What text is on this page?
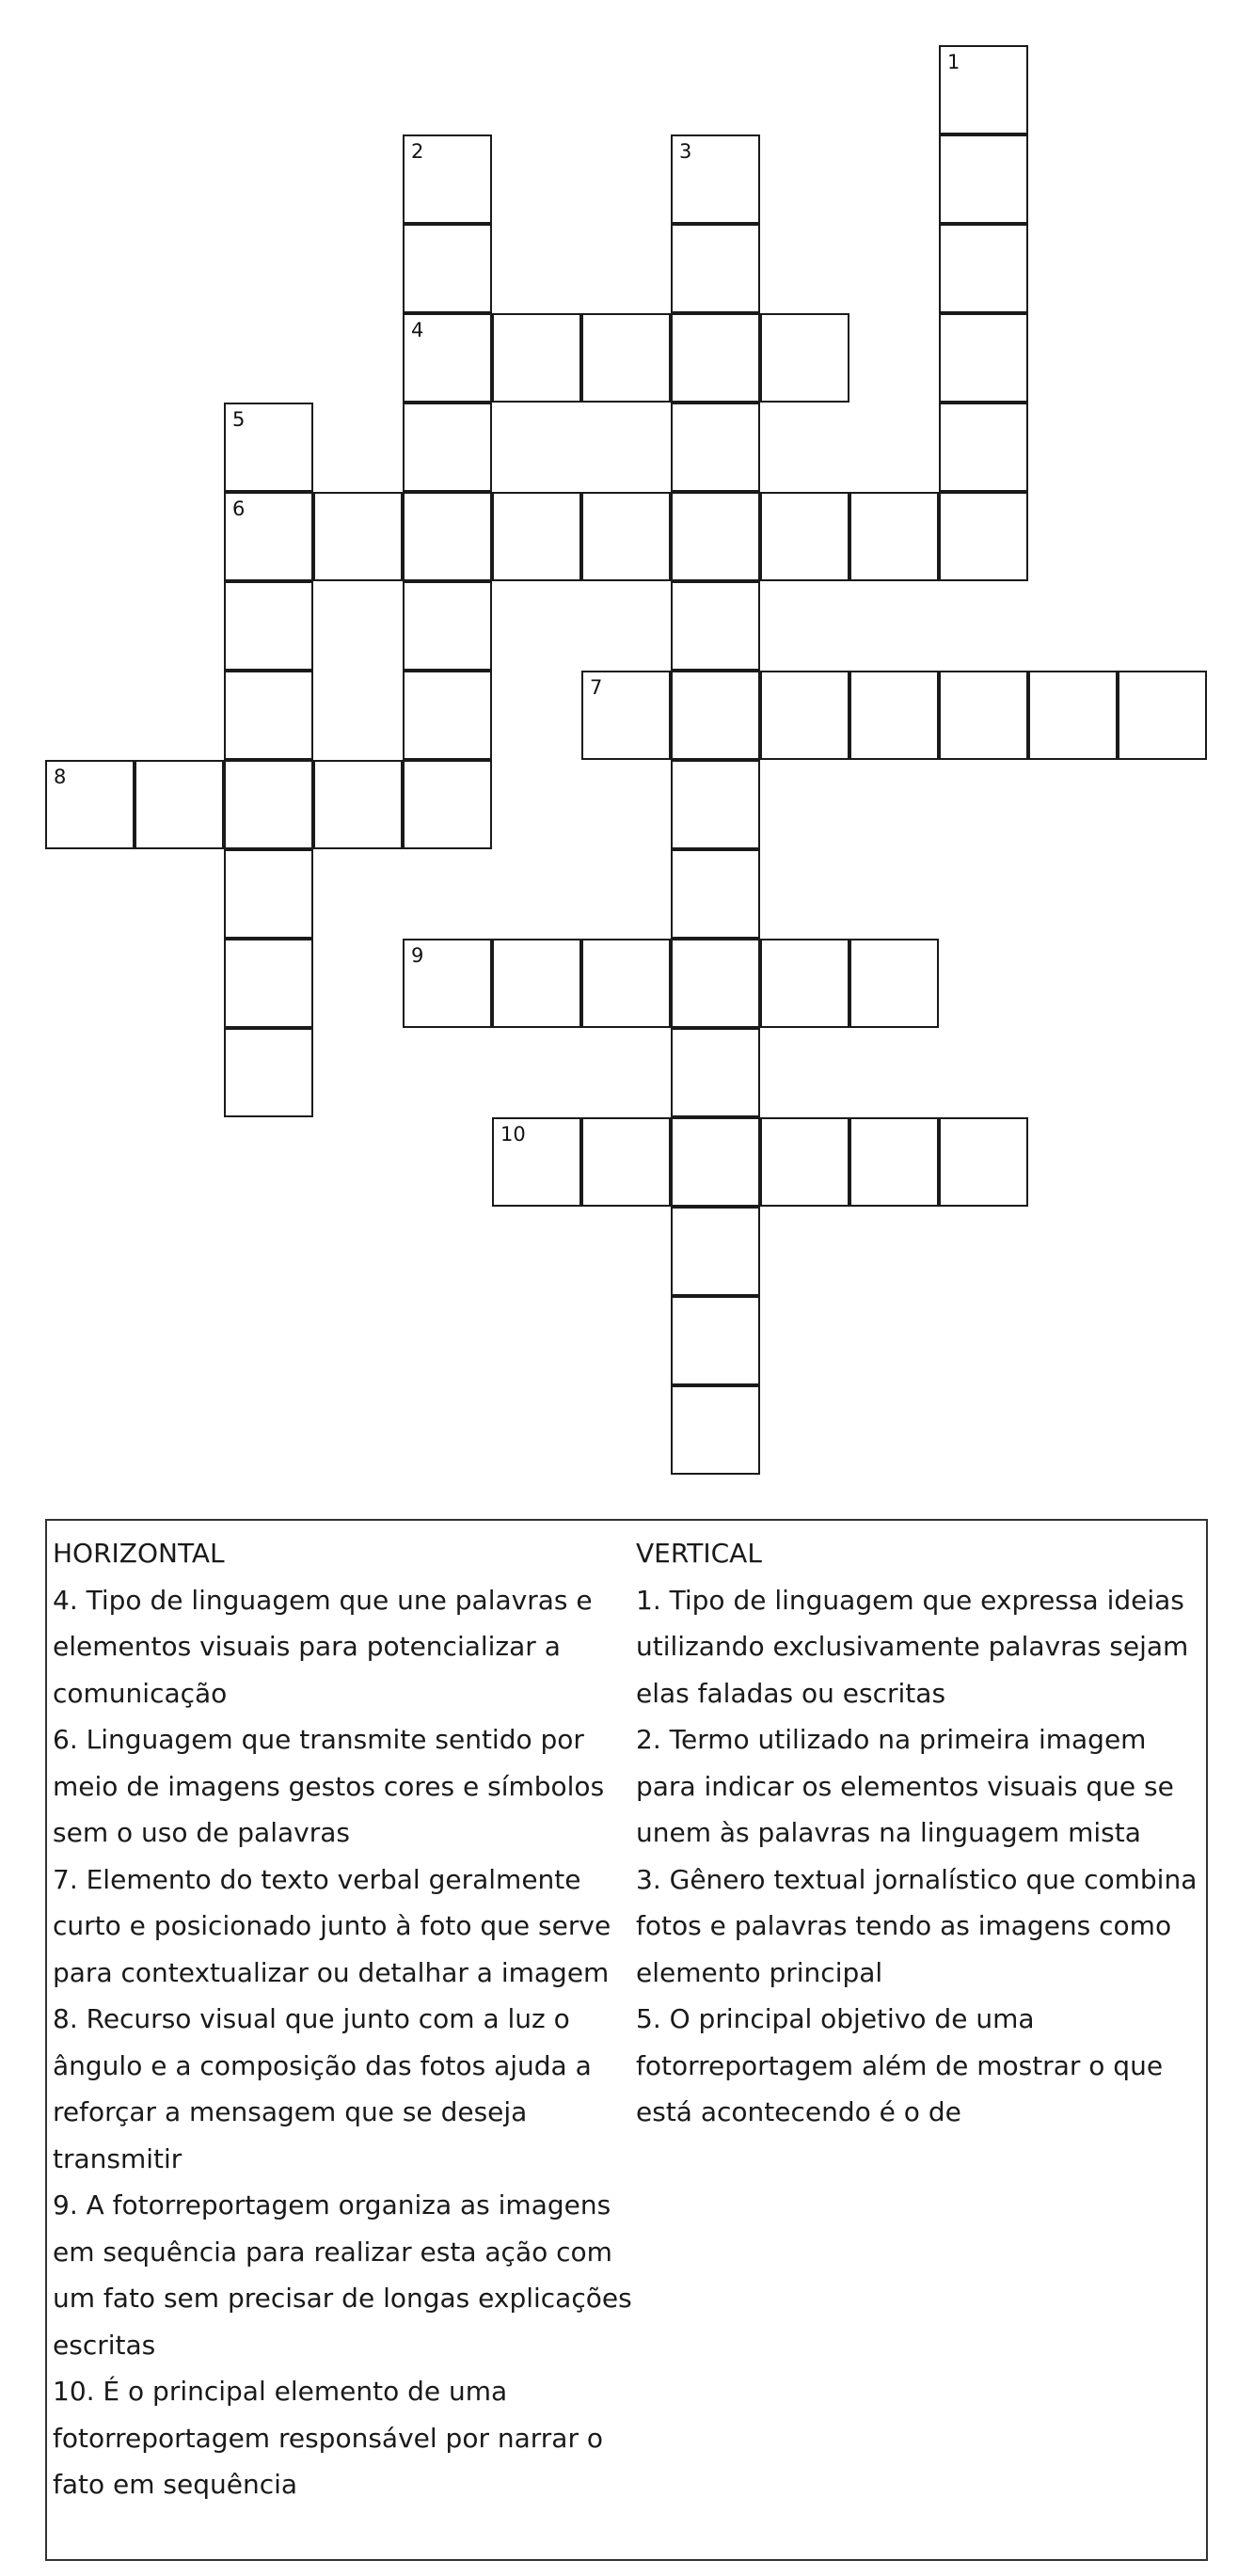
1
2
4
3
5
6
7
8
9
10

HORIZONTAL

4. Tipo de linguagem que une palavras e elementos visuais para potencializar a comunicação

6. Linguagem que transmite sentido por meio de imagens gestos cores e símbolos sem o uso de palavras

7. Elemento do texto verbal geralmente curto e posicionado junto à foto que serve para contextualizar ou detalhar a imagem

8. Recurso visual que junto com a luz o ângulo e a composição das fotos ajuda a reforçar a mensagem que se deseja transmitir

9. A fotorreportagem organiza as imagens em sequência para realizar esta ação com um fato sem precisar de longas explicações escritas

10. É o principal elemento de uma fotorreportagem responsável por narrar o fato em sequência

VERTICAL

1. Tipo de linguagem que expressa ideias utilizando exclusivamente palavras sejam elas faladas ou escritas

2. Termo utilizado na primeira imagem para indicar os elementos visuais que se unem às palavras na linguagem mista

3. Gênero textual jornalístico que combina fotos e palavras tendo as imagens como elemento principal

5. O principal objetivo de uma fotorreportagem além de mostrar o que está acontecendo é o de
